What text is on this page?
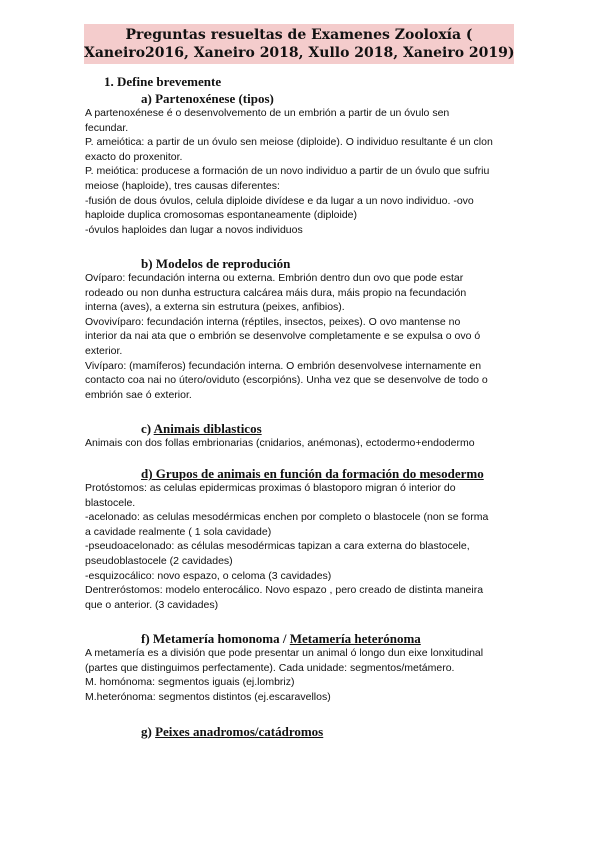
Preguntas resueltas de Examenes Zooloxía (
Xaneiro2016, Xaneiro 2018, Xullo 2018, Xaneiro 2019)
1. Define brevemente
a) Partenoxénese (tipos)
A partenoxénese é o desenvolvemento de un embrión a partir de un óvulo sen
fecundar.
P. ameiótica: a partir de un óvulo sen meiose (diploide). O individuo resultante é un clon
exacto do proxenitor.
P. meiótica: producese a formación de un novo individuo a partir de un óvulo que sufriu
meiose (haploide), tres causas diferentes:
-fusión de dous óvulos, celula diploide divídese e da lugar a un novo individuo. -ovo
haploide duplica cromosomas espontaneamente (diploide)
-óvulos haploides dan lugar a novos individuos
b) Modelos de reprodución
Ovíparo: fecundación interna ou externa. Embrión dentro dun ovo que pode estar
rodeado ou non dunha estructura calcárea máis dura, máis propio na fecundación
interna (aves), a externa sin estrutura (peixes, anfibios).
Ovovivíparo: fecundación interna (réptiles, insectos, peixes). O ovo mantense no
interior da nai ata que o embrión se desenvolve completamente e se expulsa o ovo ó
exterior.
Vivíparo: (mamíferos) fecundación interna. O embrión desenvolvese internamente en
contacto coa nai no útero/oviduto (escorpións). Unha vez que se desenvolve de todo o
embrión sae ó exterior.
c) Animais diblasticos
Animais con dos follas embrionarias (cnidarios, anémonas), ectodermo+endodermo
d) Grupos de animais en función da formación do mesodermo
Protóstomos: as celulas epidermicas proximas ó blastoporo migran ó interior do
blastocele.
-acelonado: as celulas mesodérmicas enchen por completo o blastocele (non se forma
a cavidade realmente ( 1 sola cavidade)
-pseudoacelonado: as células mesodérmicas tapizan a cara externa do blastocele,
pseudoblastocele (2 cavidades)
-esquizocálico: novo espazo, o celoma (3 cavidades)
Dentreróstomos: modelo enterocálico. Novo espazo , pero creado de distinta maneira
que o anterior. (3 cavidades)
f) Metamería homonoma / Metamería heterónoma
A metamería es a división que pode presentar un animal ó longo dun eixe lonxitudinal
(partes que distinguimos perfectamente). Cada unidade: segmentos/metámero.
M. homónoma: segmentos iguais (ej.lombriz)
M.heterónoma: segmentos distintos (ej.escaravellos)
g) Peixes anadromos/catádromos
